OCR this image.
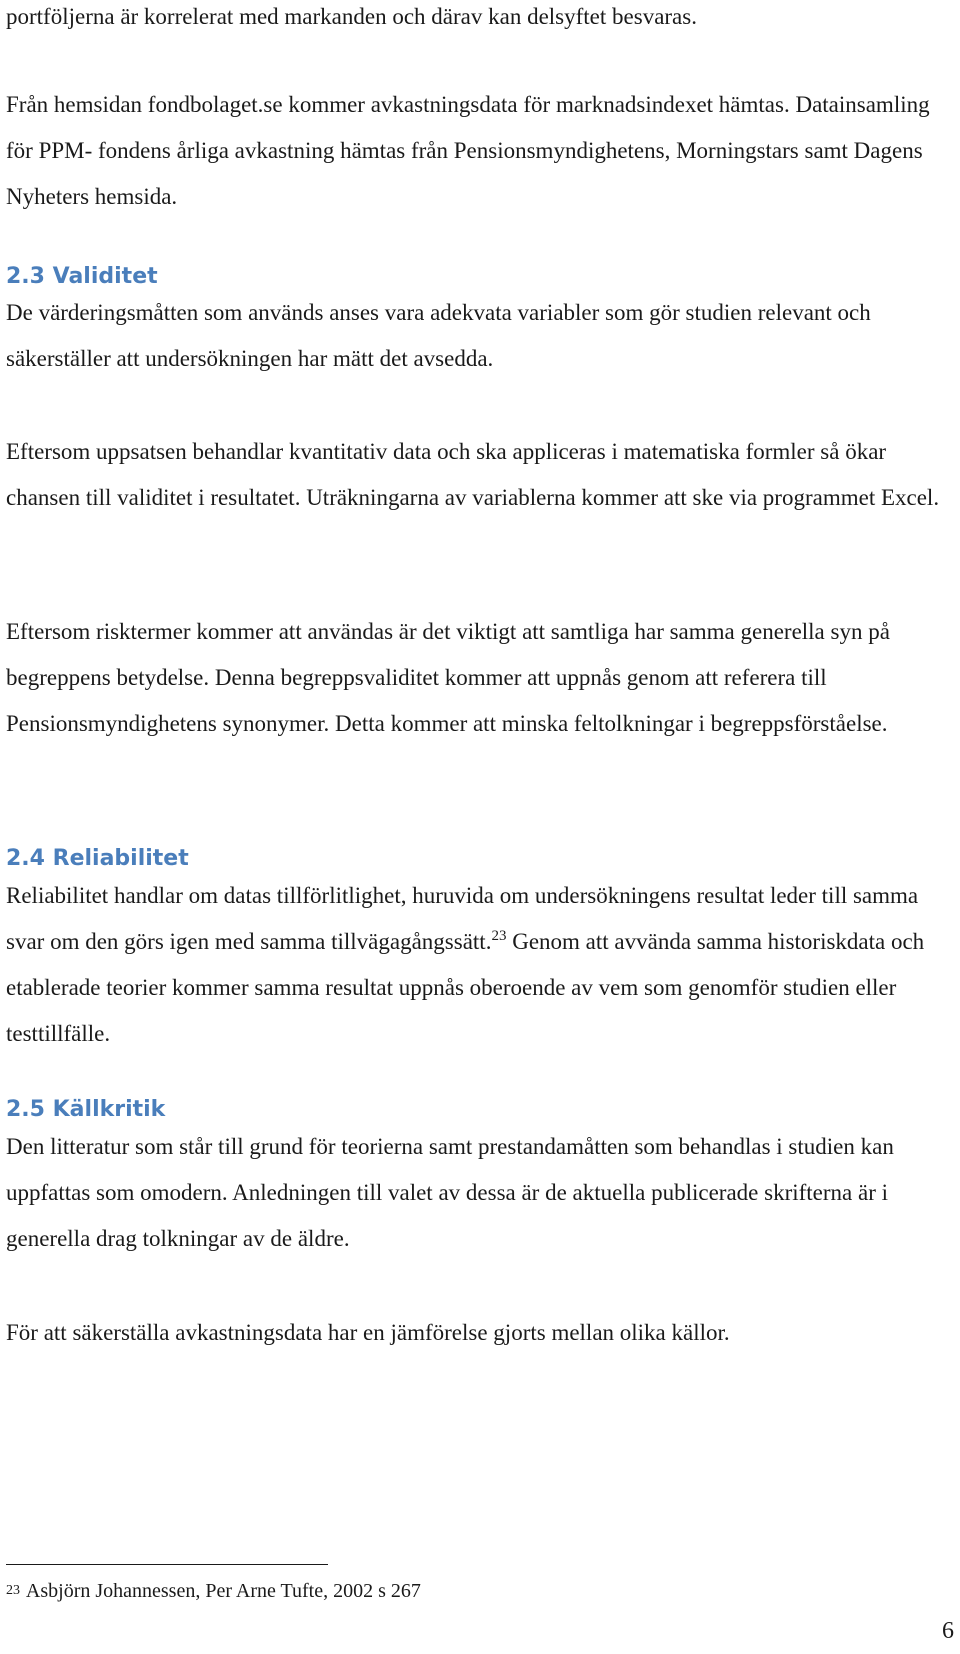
portföljerna är korrelerat med markanden och därav kan delsyftet besvaras.

Från hemsidan fondbolaget.se kommer avkastningsdata för marknadsindexet hämtas. Datainsamling för PPM- fondens årliga avkastning hämtas från Pensionsmyndighetens, Morningstars samt Dagens Nyheters hemsida.

2.3 Validitet

De värderingsmåtten som används anses vara adekvata variabler som gör studien relevant och säkerställer att undersökningen har mätt det avsedda.

Eftersom uppsatsen behandlar kvantitativ data och ska appliceras i matematiska formler så ökar chansen till validitet i resultatet. Uträkningarna av variablerna kommer att ske via programmet Excel.

Eftersom risktermer kommer att användas är det viktigt att samtliga har samma generella syn på begreppens betydelse. Denna begreppsvaliditet kommer att uppnås genom att referera till Pensionsmyndighetens synonymer. Detta kommer att minska feltolkningar i begreppsförståelse.

2.4 Reliabilitet

Reliabilitet handlar om datas tillförlitlighet, huruvida om undersökningens resultat leder till samma svar om den görs igen med samma tillvägagångssätt.$^{23}$ Genom att avvända samma historiskdata och etablerade teorier kommer samma resultat uppnås oberoende av vem som genomför studien eller testtillfälle.

2.5 Källkritik

Den litteratur som står till grund för teorierna samt prestandamåtten som behandlas i studien kan uppfattas som omodern. Anledningen till valet av dessa är de aktuella publicerade skrifterna är i generella drag tolkningar av de äldre.

För att säkerställa avkastningsdata har en jämförelse gjorts mellan olika källor.

23 Asbjörn Johannessen, Per Arne Tufte, 2002 s 267
6
